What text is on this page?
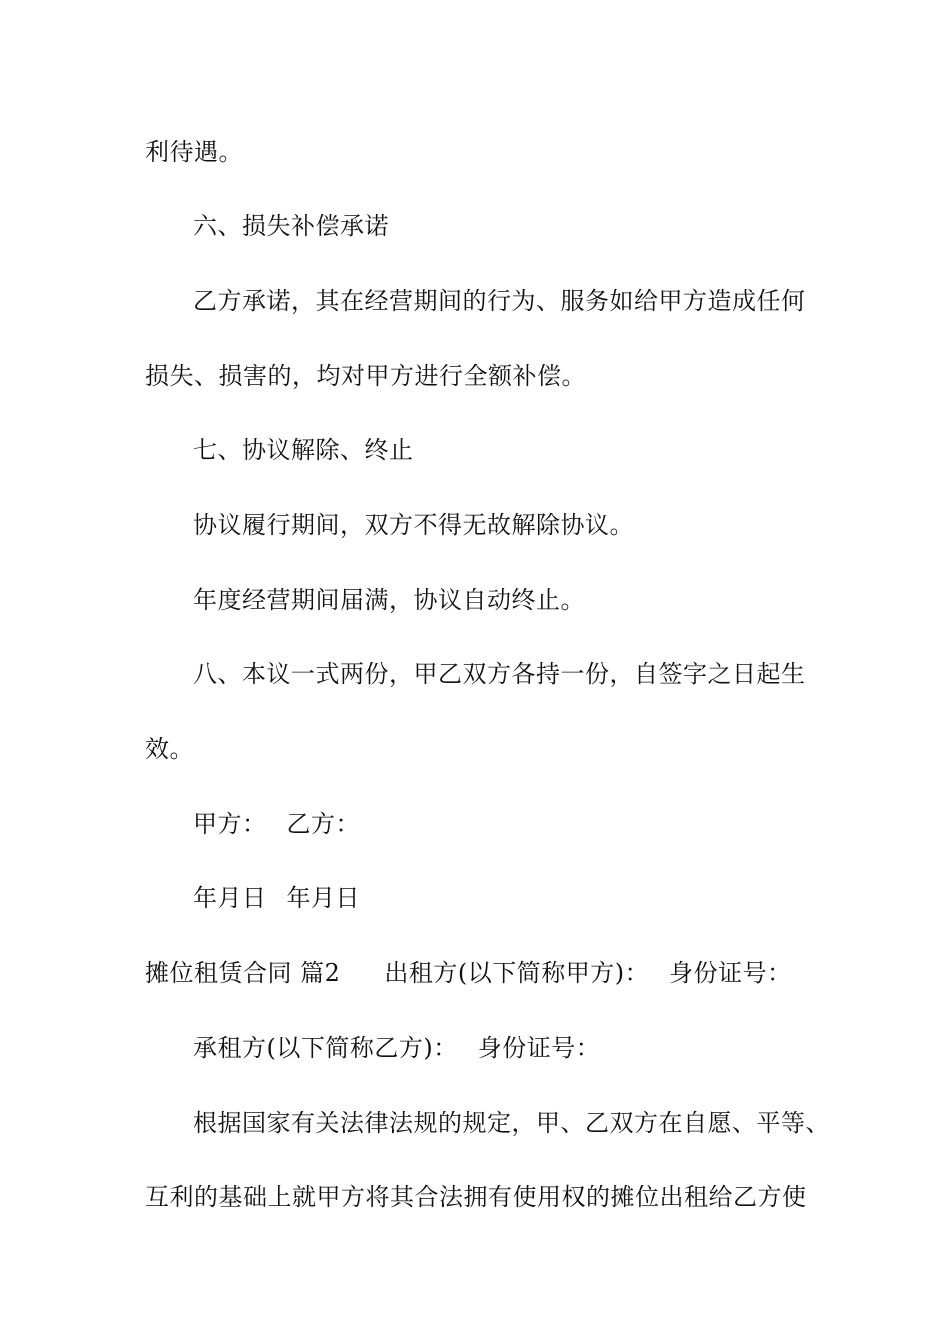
利待遇。
六、损失补偿承诺
乙方承诺，其在经营期间的行为、服务如给甲方造成任何
损失、损害的，均对甲方进行全额补偿。
七、协议解除、终止
协议履行期间，双方不得无故解除协议。
年度经营期间届满，协议自动终止。
八、本议一式两份，甲乙双方各持一份，自签字之日起生
效。
甲方： 乙方：
年月日 年月日
摊位租赁合同 篇2 出租方(以下简称甲方)： 身份证号：
承租方(以下简称乙方)： 身份证号：
根据国家有关法律法规的规定，甲、乙双方在自愿、平等、
互利的基础上就甲方将其合法拥有使用权的摊位出租给乙方使
